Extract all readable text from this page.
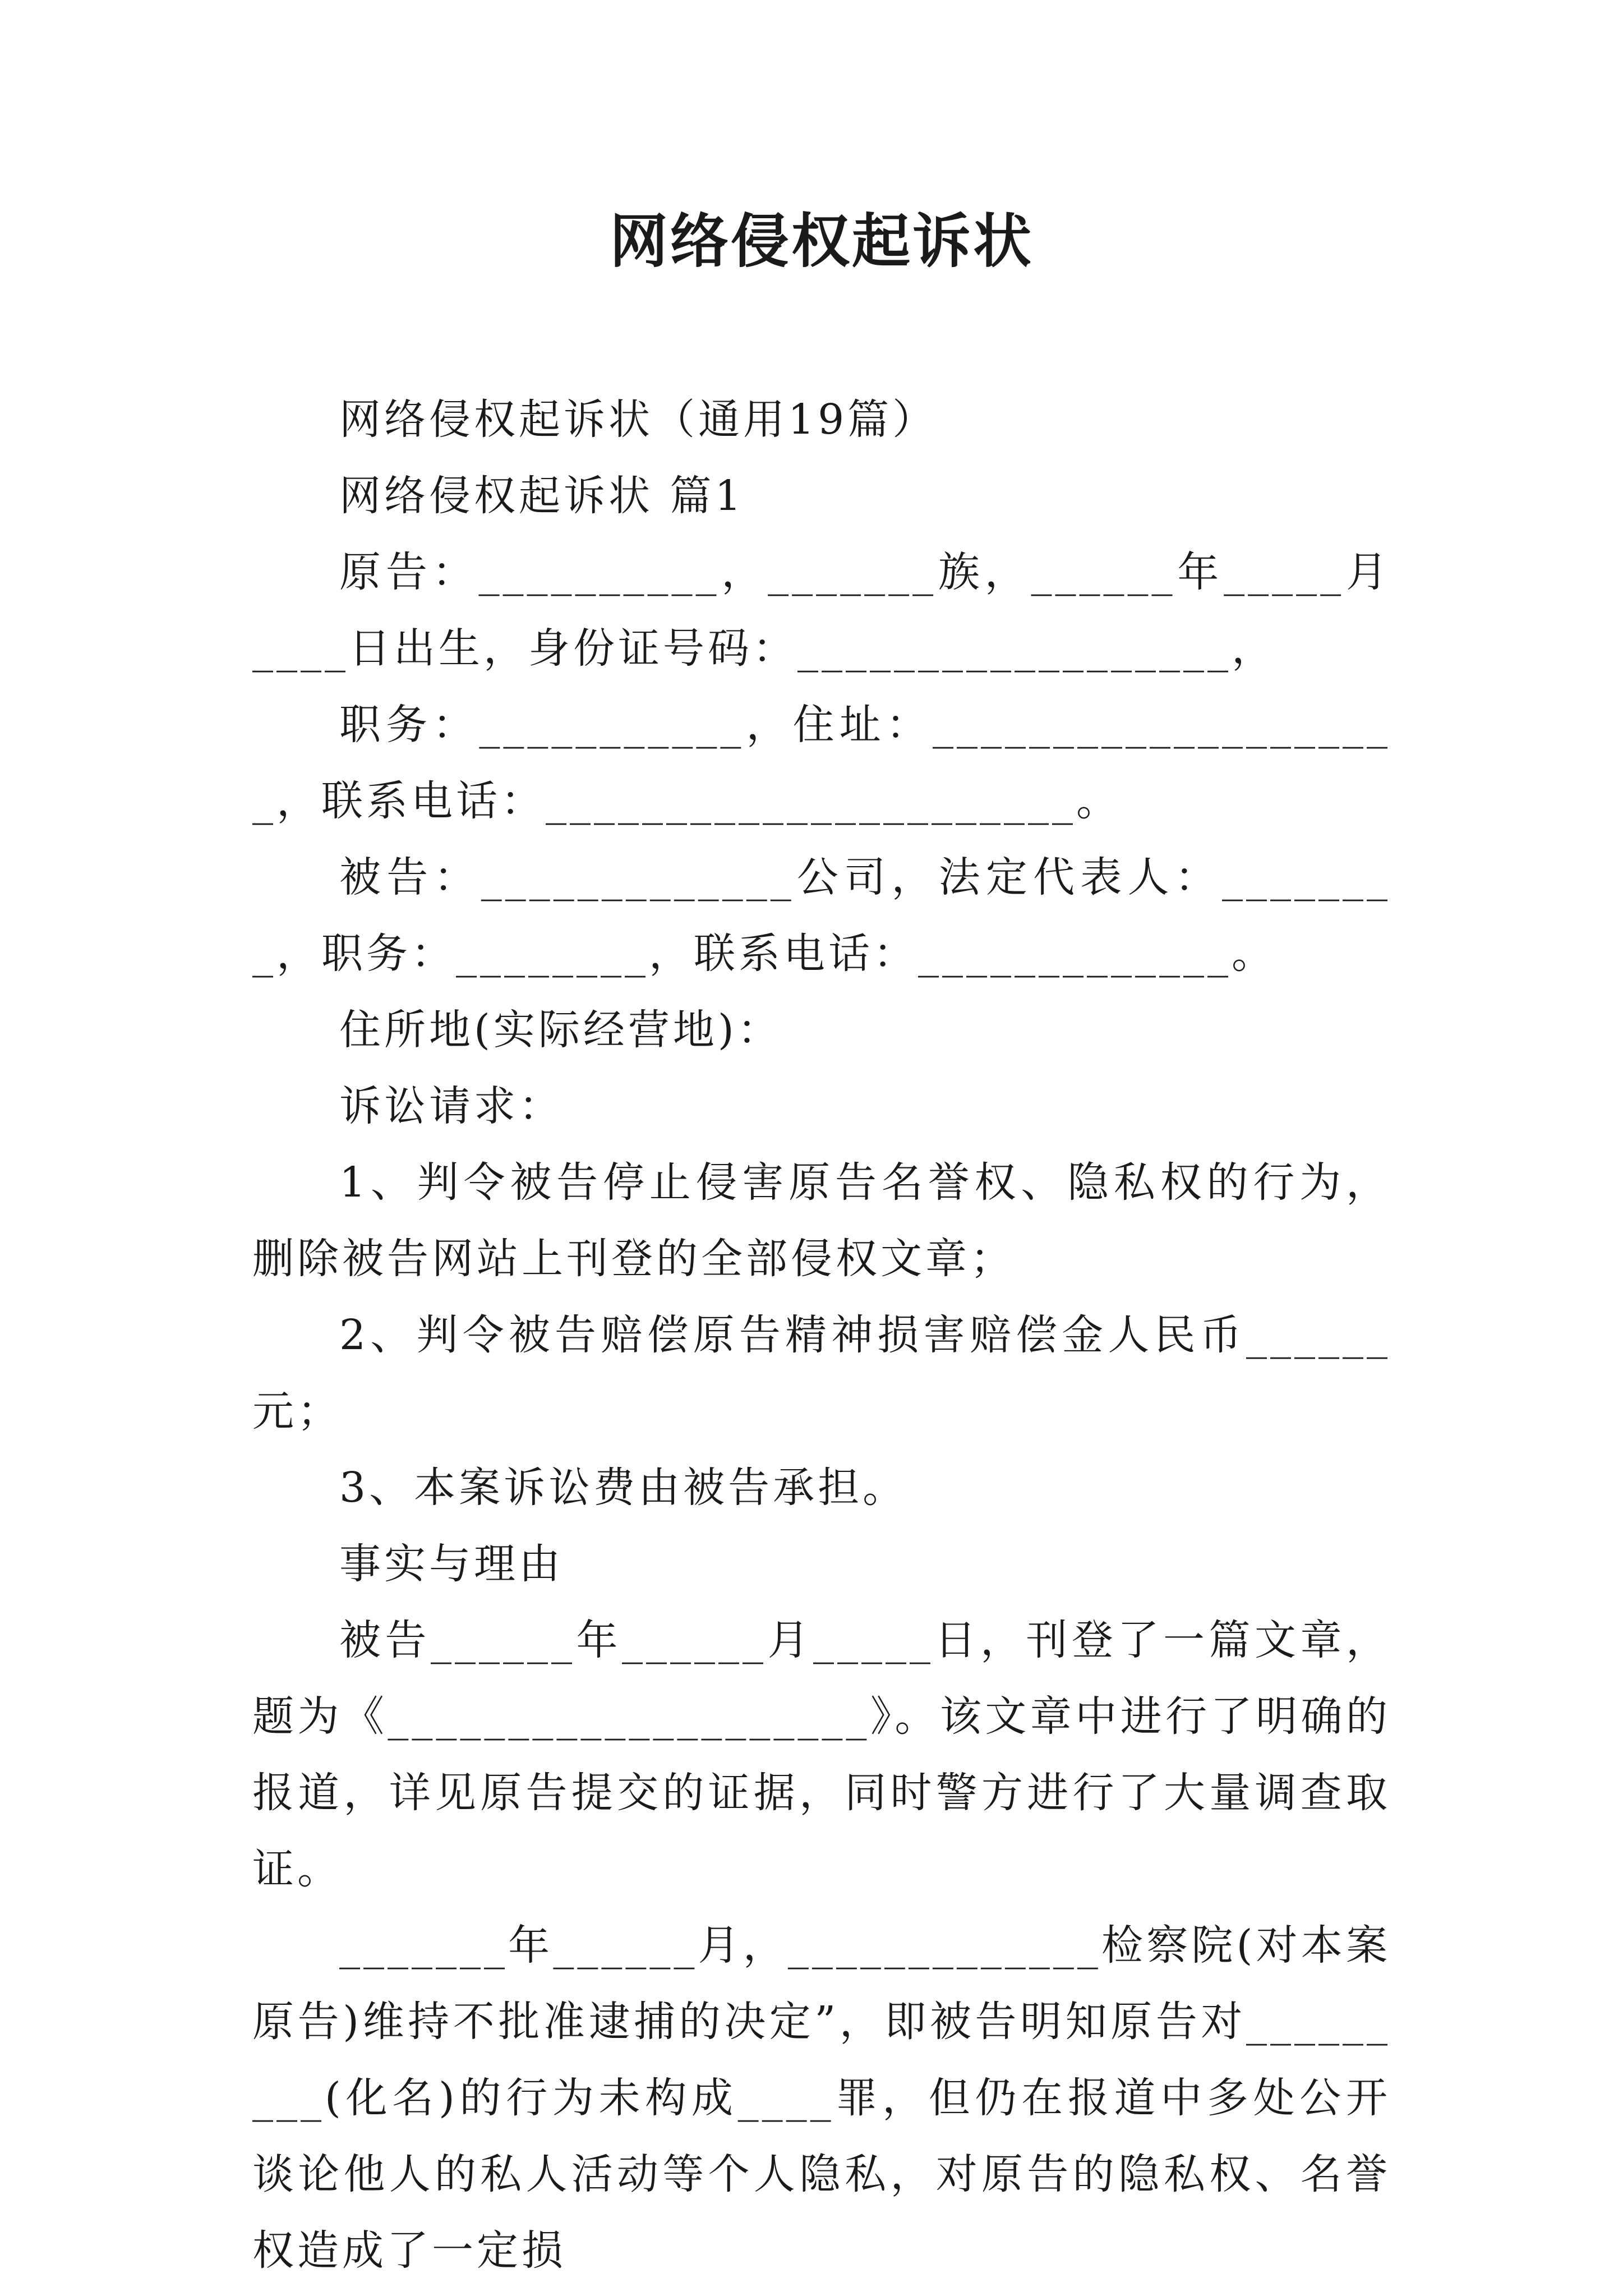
网络侵权起诉状

网络侵权起诉状（通用19篇）

网络侵权起诉状 篇1

原告：__________，_______族，______年_____月____日出生，身份证号码：__________________，

职务：___________，住址：____________________，联系电话：______________________。

被告：_____________公司，法定代表人：________，职务：________，联系电话：_____________。

住所地(实际经营地)：

诉讼请求：

1、判令被告停止侵害原告名誉权、隐私权的行为，删除被告网站上刊登的全部侵权文章；

2、判令被告赔偿原告精神损害赔偿金人民币______元；

3、本案诉讼费由被告承担。

事实与理由

被告______年______月_____日，刊登了一篇文章，题为《____________________》。该文章中进行了明确的报道，详见原告提交的证据，同时警方进行了大量调查取证。

_______年______月，_____________检察院(对本案原告)维持不批准逮捕的决定”，即被告明知原告对_________(化名)的行为未构成____罪，但仍在报道中多处公开谈论他人的私人活动等个人隐私，对原告的隐私权、名誉权造成了一定损
